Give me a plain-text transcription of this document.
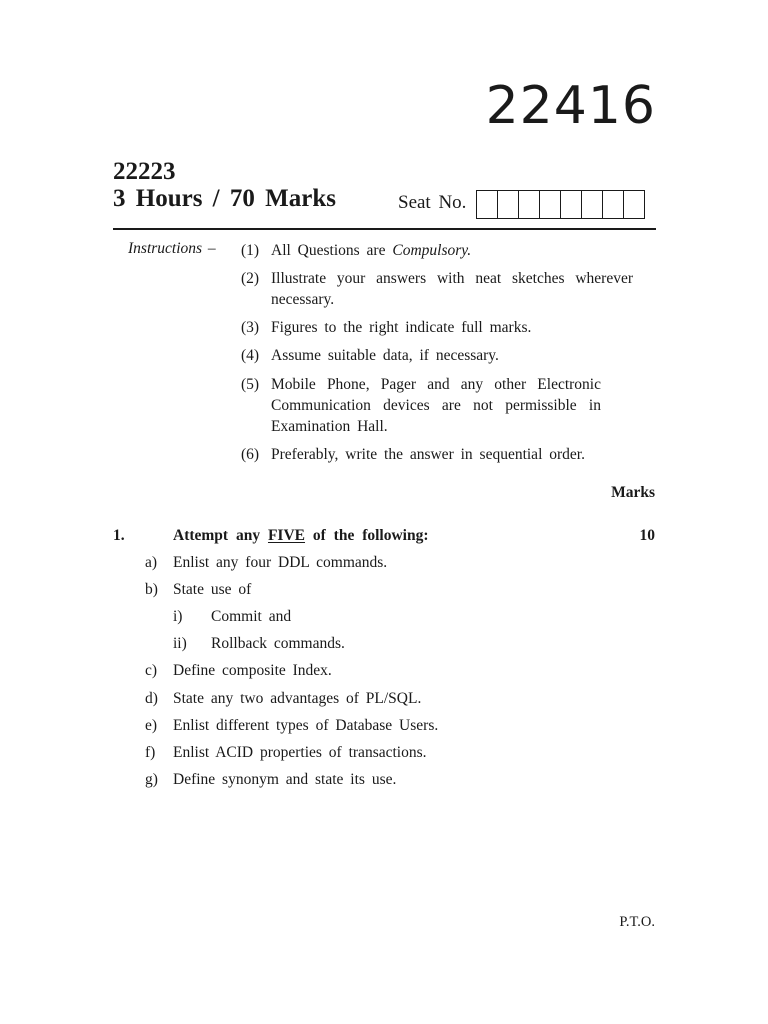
22416
22223
3 Hours / 70 Marks	Seat No.
Instructions – (1) All Questions are Compulsory.
(2) Illustrate your answers with neat sketches wherever necessary.
(3) Figures to the right indicate full marks.
(4) Assume suitable data, if necessary.
(5) Mobile Phone, Pager and any other Electronic Communication devices are not permissible in Examination Hall.
(6) Preferably, write the answer in sequential order.
Marks
1.	Attempt any FIVE of the following:	10
a) Enlist any four DDL commands.
b) State use of
i) Commit and
ii) Rollback commands.
c) Define composite Index.
d) State any two advantages of PL/SQL.
e) Enlist different types of Database Users.
f) Enlist ACID properties of transactions.
g) Define synonym and state its use.
P.T.O.
